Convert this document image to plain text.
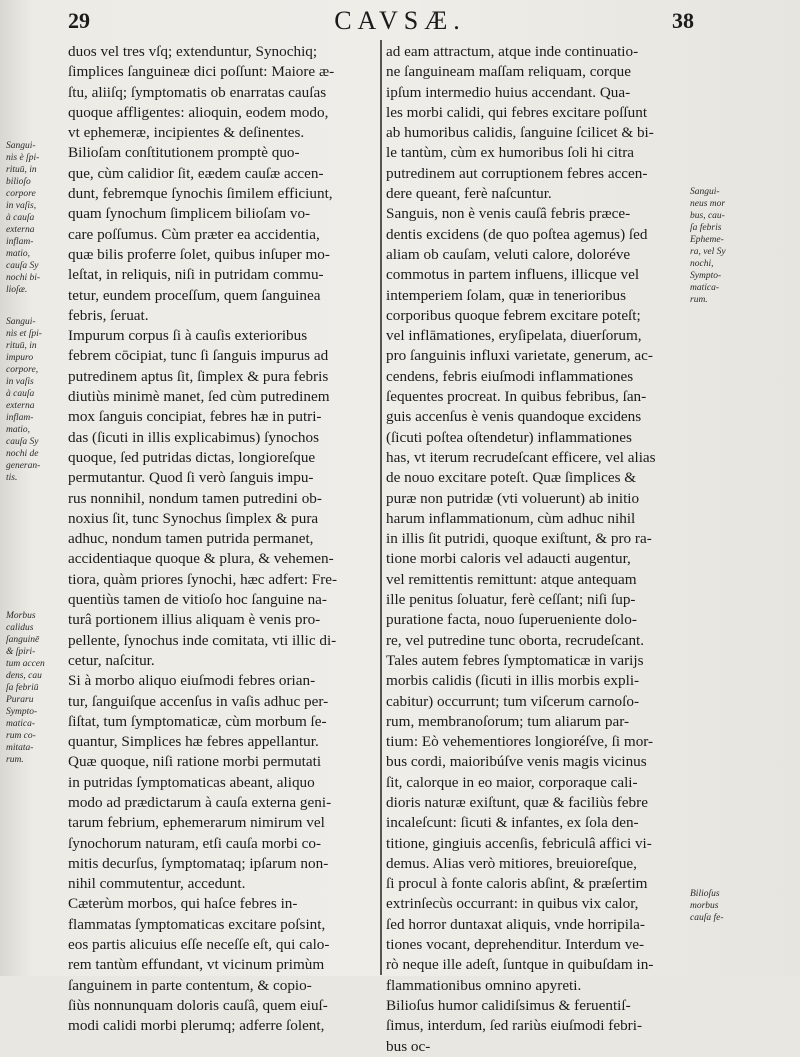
29	CAVSÆ.	38
duos vel tres vſq; extenduntur, Synochiq;
ſimplices ſanguineæ dici poſſunt: Maiore æ-
ſtu, aliiſq; ſymptomatis ob enarratas cauſas
quoque affligentes: alioquin, eodem modo,
vt ephemeræ, incipientes & deſinentes.
Bilioſam conſtitutionem promptè quo-
que, cùm calidior ſit, eædem cauſæ accen-
dunt, febremque ſynochis ſimilem efficiunt,
quam ſynochum ſimplicem bilioſam vo-
care poſſumus. Cùm præter ea accidentia,
quæ bilis proferre ſolet, quibus inſuper mo-
leſtat, in reliquis, niſi in putridam commu-
tetur, eundem proceſſum, quem ſanguinea
febris, ſeruat.
Impurum corpus ſi à cauſis exterioribus
febrem cōcipiat, tunc ſi ſanguis impurus ad
putredinem aptus ſit, ſimplex & pura febris
diutiùs minimè manet, ſed cùm putredinem
mox ſanguis concipiat, febres hæ in putri-
das (ſicuti in illis explicabimus) ſynochos
quoque, ſed putridas dictas, longioreſque
permutantur. Quod ſi verò ſanguis impu-
rus nonnihil, nondum tamen putredini ob-
noxius ſit, tunc Synochus ſimplex & pura
adhuc, nondum tamen putrida permanet,
accidentiaque quoque & plura, & vehemen-
tiora, quàm priores ſynochi, hæc adfert: Fre-
quentiùs tamen de vitioſo hoc ſanguine na-
turâ portionem illius aliquam è venis pro-
pellente, ſynochus inde comitata, vti illic di-
cetur, naſcitur.
Si à morbo aliquo eiuſmodi febres orian-
tur, ſanguiſque accenſus in vaſis adhuc per-
ſiſtat, tum ſymptomaticæ, cùm morbum ſe-
quantur, Simplices hæ febres appellantur.
Quæ quoque, niſi ratione morbi permutati
in putridas ſymptomaticas abeant, aliquo
modo ad prædictarum à cauſa externa geni-
tarum febrium, ephemerarum nimirum vel
ſynochorum naturam, etſi cauſa morbi co-
mitis decurſus, ſymptomataq; ipſarum non-
nihil commutentur, accedunt.
Cæterùm morbos, qui haſce febres in-
flammatas ſymptomaticas excitare poſsint,
eos partis alicuius eſſe neceſſe eſt, qui calo-
rem tantùm effundant, vt vicinum primùm
ſanguinem in parte contentum, & copio-
ſiùs nonnunquam doloris cauſâ, quem eiuſ-
modi calidi morbi plerumq; adferre ſolent,
ad eam attractum, atque inde continuatio-
ne ſanguineam maſſam reliquam, corque
ipſum intermedio huius accendant. Qua-
les morbi calidi, qui febres excitare poſſunt
ab humoribus calidis, ſanguine ſcilicet & bi-
le tantùm, cùm ex humoribus ſoli hi citra
putredinem aut corruptionem febres accen-
dere queant, ferè naſcuntur.
Sanguis, non è venis cauſâ febris præce-
dentis excidens (de quo poſtea agemus) ſed
aliam ob cauſam, veluti calore, doloréve
commotus in partem influens, illicque vel
intemperiem ſolam, quæ in tenerioribus
corporibus quoque febrem excitare poteſt;
vel inflāmationes, eryſipelata, diuerſorum,
pro ſanguinis influxi varietate, generum, ac-
cendens, febris eiuſmodi inflammationes
ſequentes procreat. In quibus febribus, ſan-
guis accenſus è venis quandoque excidens
(ſicuti poſtea oſtendetur) inflammationes
has, vt iterum recrudeſcant efficere, vel alias
de nouo excitare poteſt. Quæ ſimplices &
puræ non putridæ (vti voluerunt) ab initio
harum inflammationum, cùm adhuc nihil
in illis ſit putridi, quoque exiſtunt, & pro ra-
tione morbi caloris vel adaucti augentur,
vel remittentis remittunt: atque antequam
ille penitus ſoluatur, ferè ceſſant; niſi ſup-
puratione facta, nouo ſuperueniente dolo-
re, vel putredine tunc oborta, recrudeſcant.
Tales autem febres ſymptomaticæ in varijs
morbis calidis (ſicuti in illis morbis expli-
cabitur) occurrunt; tum viſcerum carnoſo-
rum, membranoſorum; tum aliarum par-
tium: Eò vehementiores longioréſve, ſi mor-
bus cordi, maioribúſve venis magis vicinus
ſit, calorque in eo maior, corporaque cali-
dioris naturæ exiſtunt, quæ & faciliùs febre
incaleſcunt: ſicuti & infantes, ex ſola den-
titione, gingiuis accenſis, febriculâ affici vi-
demus. Alias verò mitiores, breuioreſque,
ſi procul à fonte caloris abſint, & præſertim
extrinſecùs occurrant: in quibus vix calor,
ſed horror duntaxat aliquis, vnde horripila-
tiones vocant, deprehenditur. Interdum ve-
rò neque ille adeſt, ſuntque in quibuſdam in-
flammationibus omnino apyreti.
Bilioſus humor calidiſsimus & feruentiſ-
ſimus, interdum, ſed rariùs eiuſmodi febri-
bus oc-
Sangui-
nis è ſpi-
rituū, in
bilioſo
corpore
in vaſis,
à cauſa
externa
inflam-
matio,
cauſa Sy
nochi bi-
lioſæ.
Sangui-
nis et ſpi-
rituū, in
impuro
corpore,
in vaſis
à cauſa
externa
inflam-
matio,
cauſa Sy
nochi de
generan-
tis.
Morbus
calidus
ſanguinē
& ſpiri-
tum accen
dens, cau
ſa febriū
Puraru
Sympto-
matica-
rum co-
mitata-
rum.
Sangui-
neus mor
bus, cau-
ſa febris
Epheme-
ra, vel Sy
nochi,
Sympto-
matica-
rum.
Bilioſus
morbus
cauſa fe-
